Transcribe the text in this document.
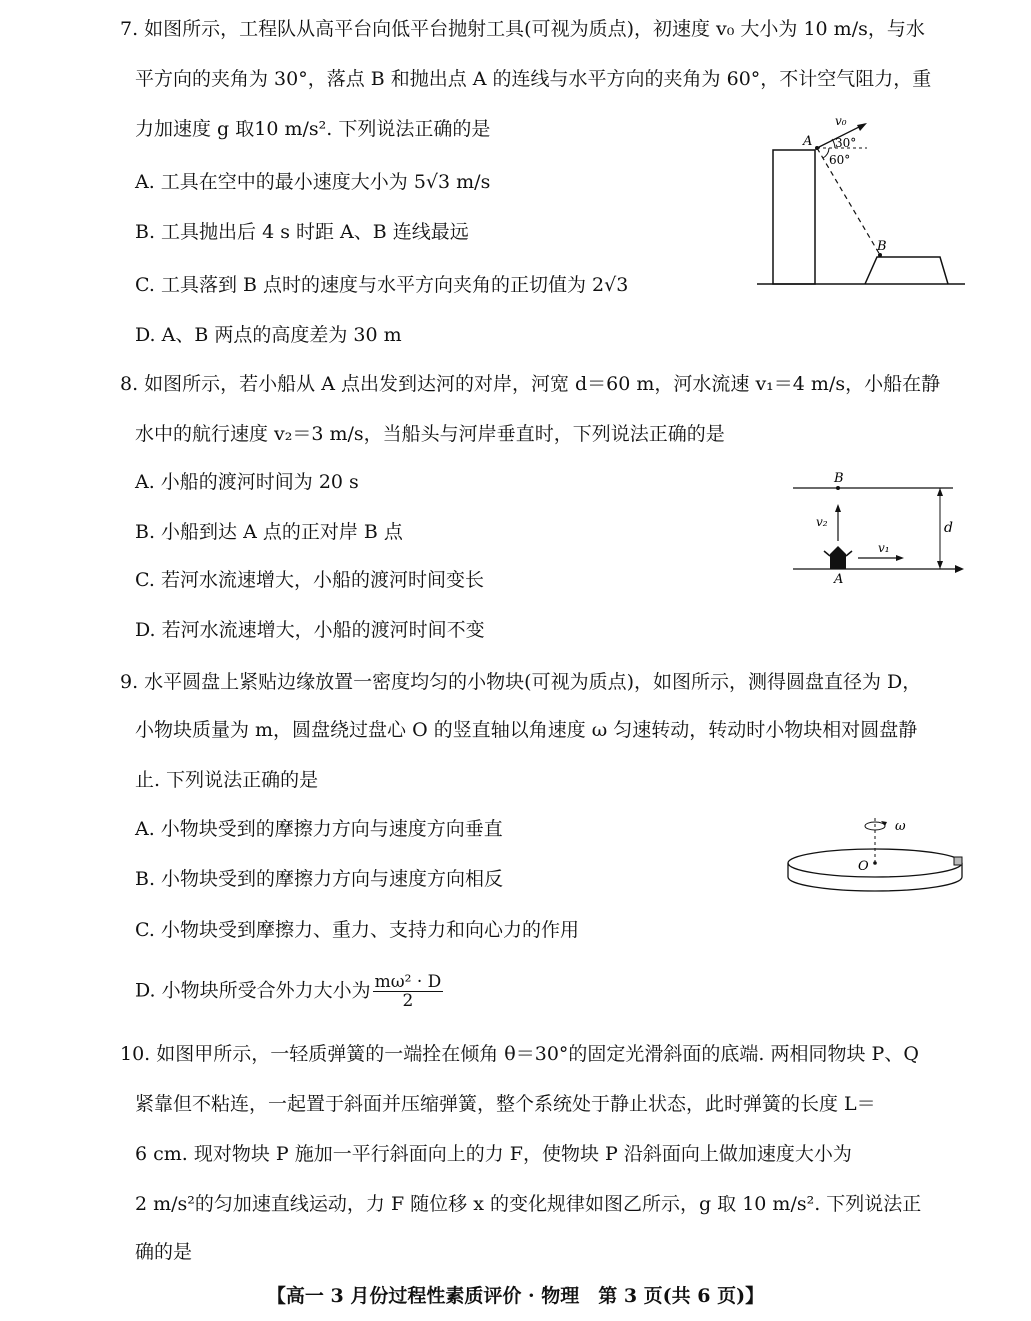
7. 如图所示，工程队从高平台向低平台抛射工具(可视为质点)，初速度 v₀ 大小为 10 m/s，与水
平方向的夹角为 30°，落点 B 和抛出点 A 的连线与水平方向的夹角为 60°，不计空气阻力，重
力加速度 g 取10 m/s². 下列说法正确的是
A. 工具在空中的最小速度大小为 5√3 m/s
B. 工具抛出后 4 s 时距 A、B 连线最远
C. 工具落到 B 点时的速度与水平方向夹角的正切值为 2√3
D. A、B 两点的高度差为 30 m
A
B
v₀
30°
60°
8. 如图所示，若小船从 A 点出发到达河的对岸，河宽 d＝60 m，河水流速 v₁＝4 m/s，小船在静
水中的航行速度 v₂＝3 m/s，当船头与河岸垂直时，下列说法正确的是
A. 小船的渡河时间为 20 s
B. 小船到达 A 点的正对岸 B 点
C. 若河水流速增大，小船的渡河时间变长
D. 若河水流速增大，小船的渡河时间不变
B
A
d
v₂
v₁
9. 水平圆盘上紧贴边缘放置一密度均匀的小物块(可视为质点)，如图所示，测得圆盘直径为 D，
小物块质量为 m，圆盘绕过盘心 O 的竖直轴以角速度 ω 匀速转动，转动时小物块相对圆盘静
止. 下列说法正确的是
A. 小物块受到的摩擦力方向与速度方向垂直
B. 小物块受到的摩擦力方向与速度方向相反
C. 小物块受到摩擦力、重力、支持力和向心力的作用
D. 小物块所受合外力大小为 $\frac{\text{mω² · D}}{2}$
O
ω
10. 如图甲所示，一轻质弹簧的一端拴在倾角 θ＝30°的固定光滑斜面的底端. 两相同物块 P、Q
紧靠但不粘连，一起置于斜面并压缩弹簧，整个系统处于静止状态，此时弹簧的长度 L＝
6 cm. 现对物块 P 施加一平行斜面向上的力 F，使物块 P 沿斜面向上做加速度大小为
2 m/s²的匀加速直线运动，力 F 随位移 x 的变化规律如图乙所示，g 取 10 m/s². 下列说法正
确的是
【高一 3 月份过程性素质评价 · 物理　第 3 页(共 6 页)】
